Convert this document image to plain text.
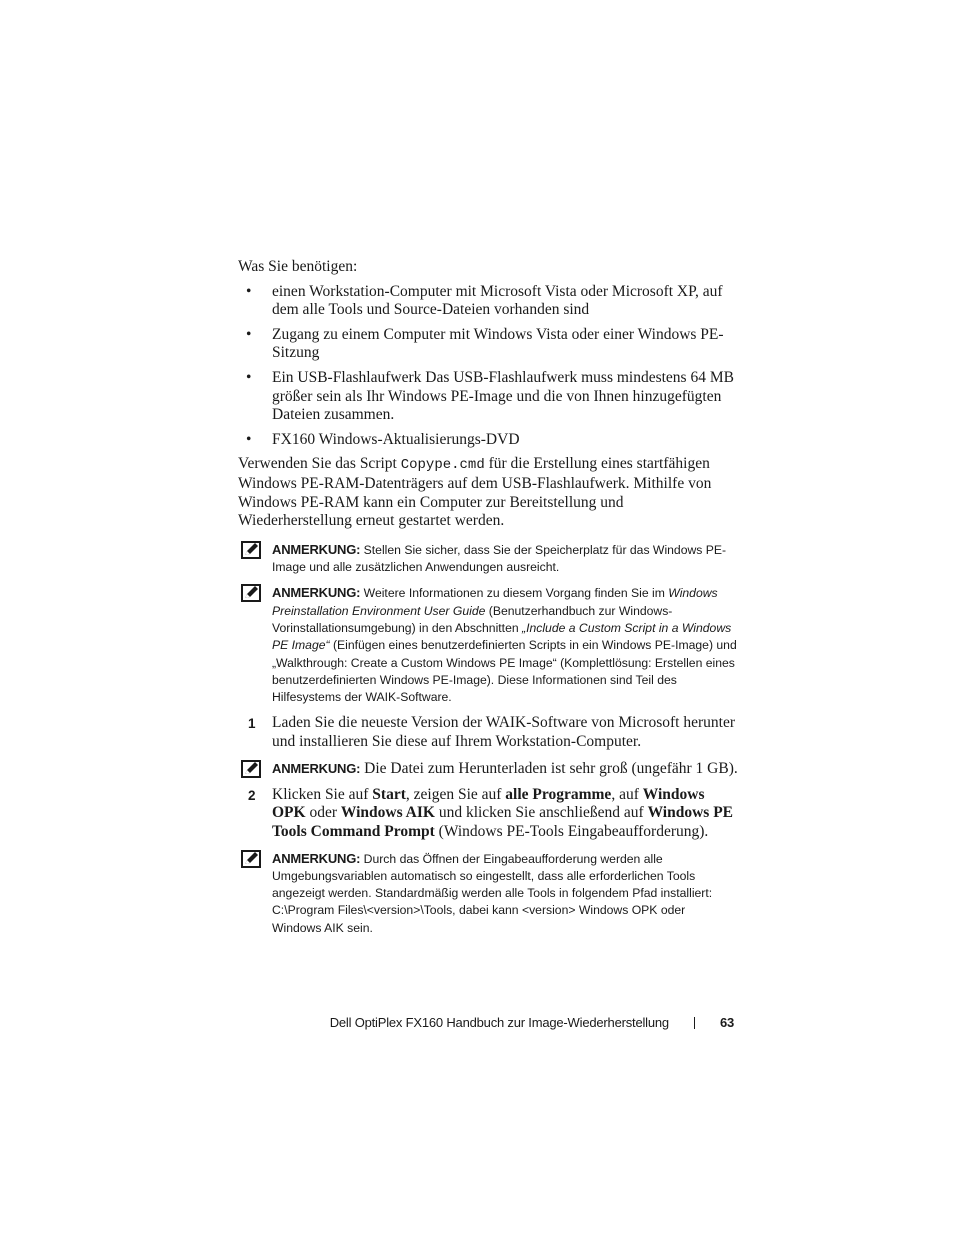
Was Sie benötigen:

• einen Workstation-Computer mit Microsoft Vista oder Microsoft XP, auf dem alle Tools und Source-Dateien vorhanden sind
• Zugang zu einem Computer mit Windows Vista oder einer Windows PE-Sitzung
• Ein USB-Flashlaufwerk Das USB-Flashlaufwerk muss mindestens 64 MB größer sein als Ihr Windows PE-Image und die von Ihnen hinzugefügten Dateien zusammen.
• FX160 Windows-Aktualisierungs-DVD

Verwenden Sie das Script Copype.cmd für die Erstellung eines startfähigen Windows PE-RAM-Datenträgers auf dem USB-Flashlaufwerk. Mithilfe von Windows PE-RAM kann ein Computer zur Bereitstellung und Wiederherstellung erneut gestartet werden.

ANMERKUNG: Stellen Sie sicher, dass Sie der Speicherplatz für das Windows PE-Image und alle zusätzlichen Anwendungen ausreicht.
ANMERKUNG: Weitere Informationen zu diesem Vorgang finden Sie im Windows Preinstallation Environment User Guide (Benutzerhandbuch zur Windows-Vorinstallationsumgebung) in den Abschnitten „Include a Custom Script in a Windows PE Image“ (Einfügen eines benutzerdefinierten Scripts in ein Windows PE-Image) und „Walkthrough: Create a Custom Windows PE Image“ (Komplettlösung: Erstellen eines benutzerdefinierten Windows PE-Image). Diese Informationen sind Teil des Hilfesystems der WAIK-Software.
1 Laden Sie die neueste Version der WAIK-Software von Microsoft herunter und installieren Sie diese auf Ihrem Workstation-Computer.
ANMERKUNG: Die Datei zum Herunterladen ist sehr groß (ungefähr 1 GB).
2 Klicken Sie auf Start, zeigen Sie auf alle Programme, auf Windows OPK oder Windows AIK und klicken Sie anschließend auf Windows PE Tools Command Prompt (Windows PE-Tools Eingabeaufforderung).
ANMERKUNG: Durch das Öffnen der Eingabeaufforderung werden alle Umgebungsvariablen automatisch so eingestellt, dass alle erforderlichen Tools angezeigt werden. Standardmäßig werden alle Tools in folgendem Pfad installiert: C:\Program Files\<version>\Tools, dabei kann <version> Windows OPK oder Windows AIK sein.
Dell OptiPlex FX160 Handbuch zur Image-Wiederherstellung	63
